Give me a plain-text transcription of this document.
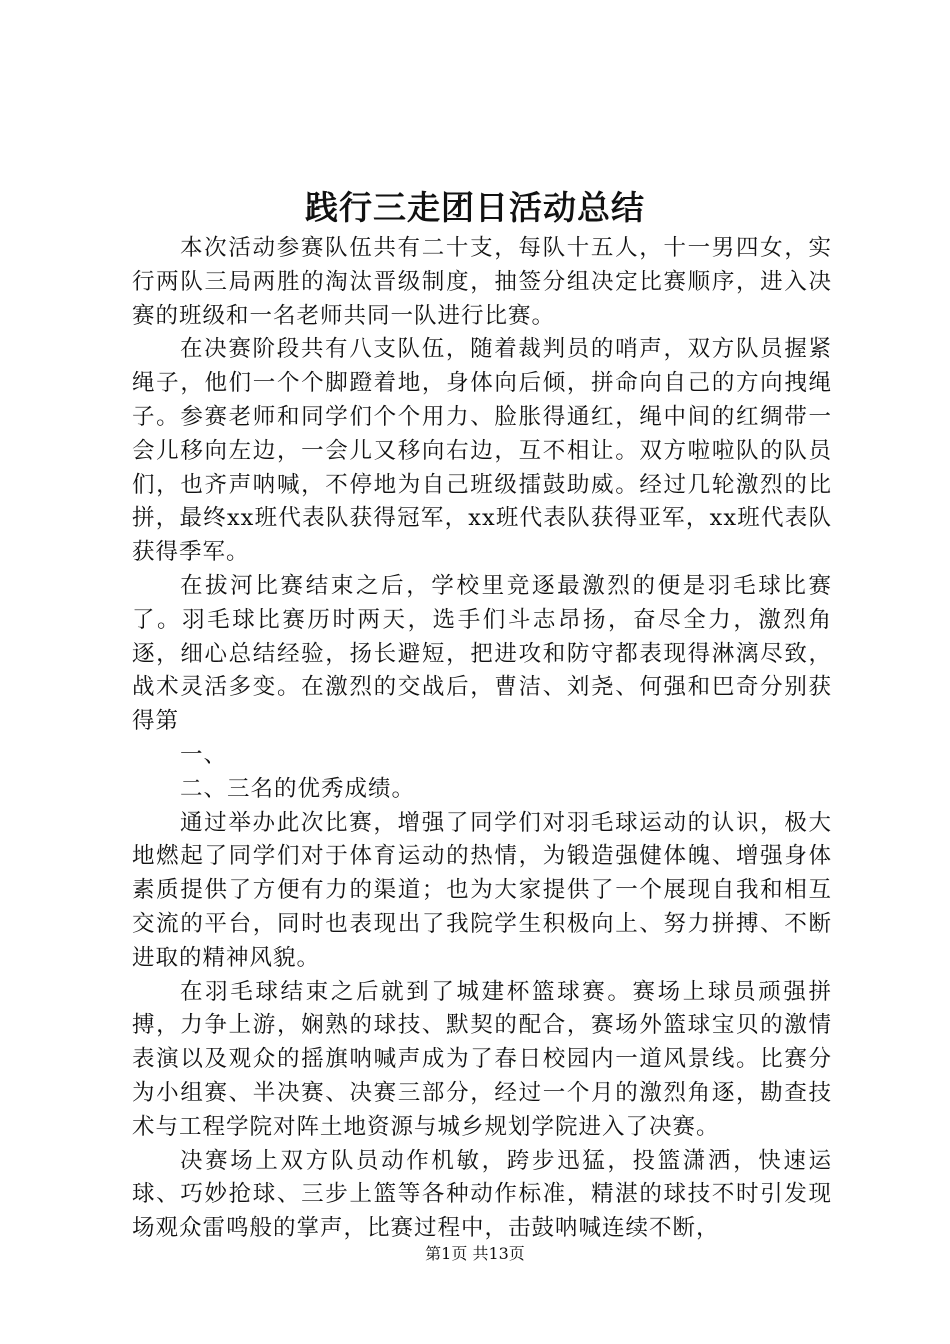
践行三走团日活动总结

本次活动参赛队伍共有二十支，每队十五人，十一男四女，实行两队三局两胜的淘汰晋级制度，抽签分组决定比赛顺序，进入决赛的班级和一名老师共同一队进行比赛。

在决赛阶段共有八支队伍，随着裁判员的哨声，双方队员握紧绳子，他们一个个脚蹬着地，身体向后倾，拼命向自己的方向拽绳子。参赛老师和同学们个个用力、脸胀得通红，绳中间的红绸带一会儿移向左边，一会儿又移向右边，互不相让。双方啦啦队的队员们，也齐声呐喊，不停地为自己班级擂鼓助威。经过几轮激烈的比拼，最终xx班代表队获得冠军，xx班代表队获得亚军，xx班代表队获得季军。

在拔河比赛结束之后，学校里竞逐最激烈的便是羽毛球比赛了。羽毛球比赛历时两天，选手们斗志昂扬，奋尽全力，激烈角逐，细心总结经验，扬长避短，把进攻和防守都表现得淋漓尽致，战术灵活多变。在激烈的交战后，曹洁、刘尧、何强和巴奇分别获得第

一、

二、三名的优秀成绩。

通过举办此次比赛，增强了同学们对羽毛球运动的认识，极大地燃起了同学们对于体育运动的热情，为锻造强健体魄、增强身体素质提供了方便有力的渠道；也为大家提供了一个展现自我和相互交流的平台，同时也表现出了我院学生积极向上、努力拼搏、不断进取的精神风貌。

在羽毛球结束之后就到了城建杯篮球赛。赛场上球员顽强拼搏，力争上游，娴熟的球技、默契的配合，赛场外篮球宝贝的激情表演以及观众的摇旗呐喊声成为了春日校园内一道风景线。比赛分为小组赛、半决赛、决赛三部分，经过一个月的激烈角逐，勘查技术与工程学院对阵土地资源与城乡规划学院进入了决赛。

决赛场上双方队员动作机敏，跨步迅猛，投篮潇洒，快速运球、巧妙抢球、三步上篮等各种动作标准，精湛的球技不时引发现场观众雷鸣般的掌声，比赛过程中，击鼓呐喊连续不断，

第1页 共13页
